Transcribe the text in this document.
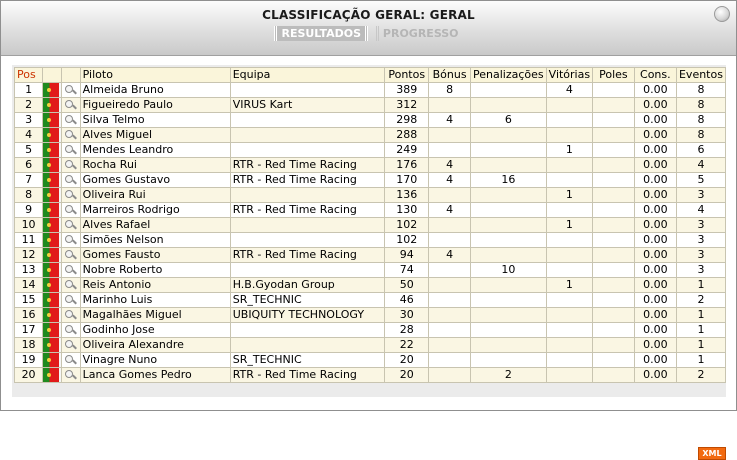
CLASSIFICAÇÃO GERAL: GERAL
RESULTADOS PROGRESSO
Pos			Piloto	Equipa	Pontos	Bónus	Penalizações	Vitórias	Poles	Cons.	Eventos
1			Almeida Bruno		389	8		4		0.00	8
2			Figueiredo Paulo	VIRUS Kart	312					0.00	8
3			Silva Telmo		298	4	6			0.00	8
4			Alves Miguel		288					0.00	8
5			Mendes Leandro		249			1		0.00	6
6			Rocha Rui	RTR - Red Time Racing	176	4				0.00	4
7			Gomes Gustavo	RTR - Red Time Racing	170	4	16			0.00	5
8			Oliveira Rui		136			1		0.00	3
9			Marreiros Rodrigo	RTR - Red Time Racing	130	4				0.00	4
10			Alves Rafael		102			1		0.00	3
11			Simões Nelson		102					0.00	3
12			Gomes Fausto	RTR - Red Time Racing	94	4				0.00	3
13			Nobre Roberto		74		10			0.00	3
14			Reis Antonio	H.B.Gyodan Group	50			1		0.00	1
15			Marinho Luis	SR_TECHNIC	46					0.00	2
16			Magalhães Miguel	UBIQUITY TECHNOLOGY	30					0.00	1
17			Godinho Jose		28					0.00	1
18			Oliveira Alexandre		22					0.00	1
19			Vinagre Nuno	SR_TECHNIC	20					0.00	1
20			Lanca Gomes Pedro	RTR - Red Time Racing	20		2			0.00	2
XML
